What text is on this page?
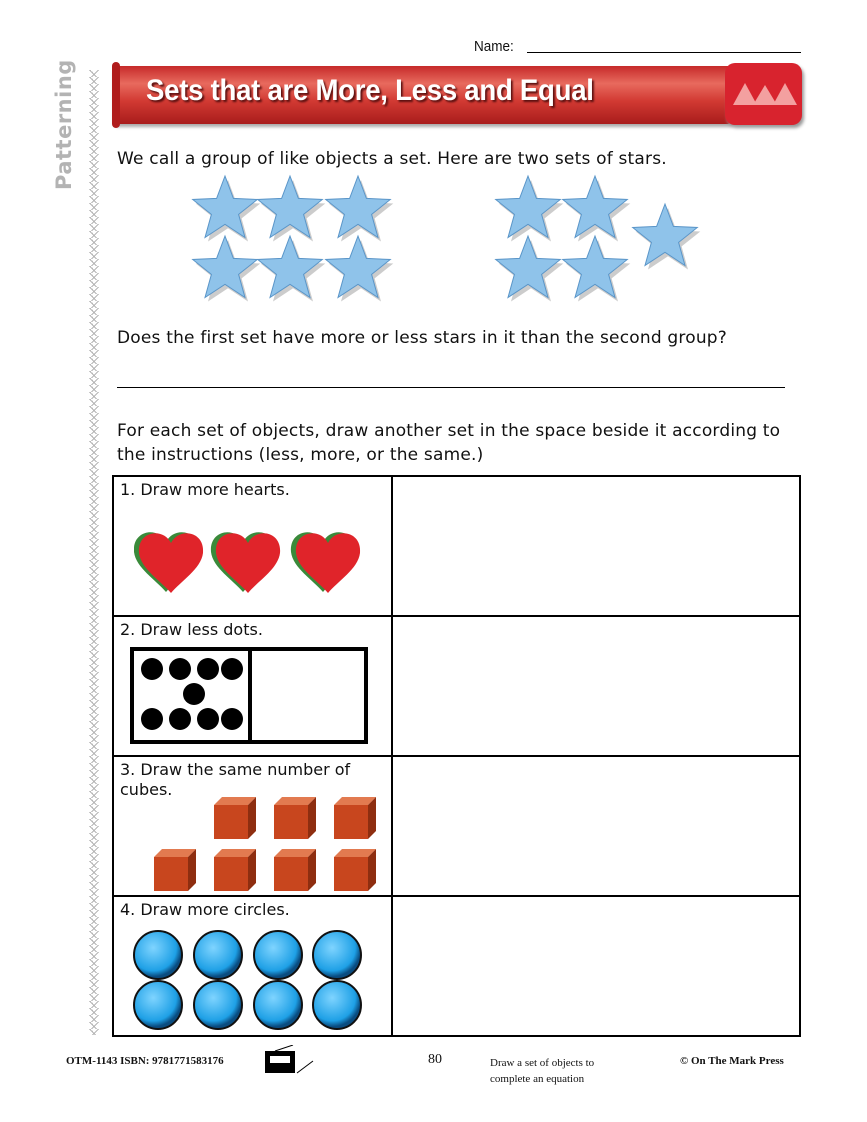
Patterning
Name:
Sets that are More, Less and Equal
We call a group of like objects a set. Here are two sets of stars.
Does the first set have more or less stars in it than the second group?
For each set of objects, draw another set in the space beside it according to the instructions (less, more, or the same.)
1. Draw more hearts.	

2. Draw less dots.	

3. Draw the same number of cubes.	

4. Draw more circles.	

OTM-1143 ISBN: 9781771583176	80	Draw a set of objects to complete an equation
© On The Mark Press
